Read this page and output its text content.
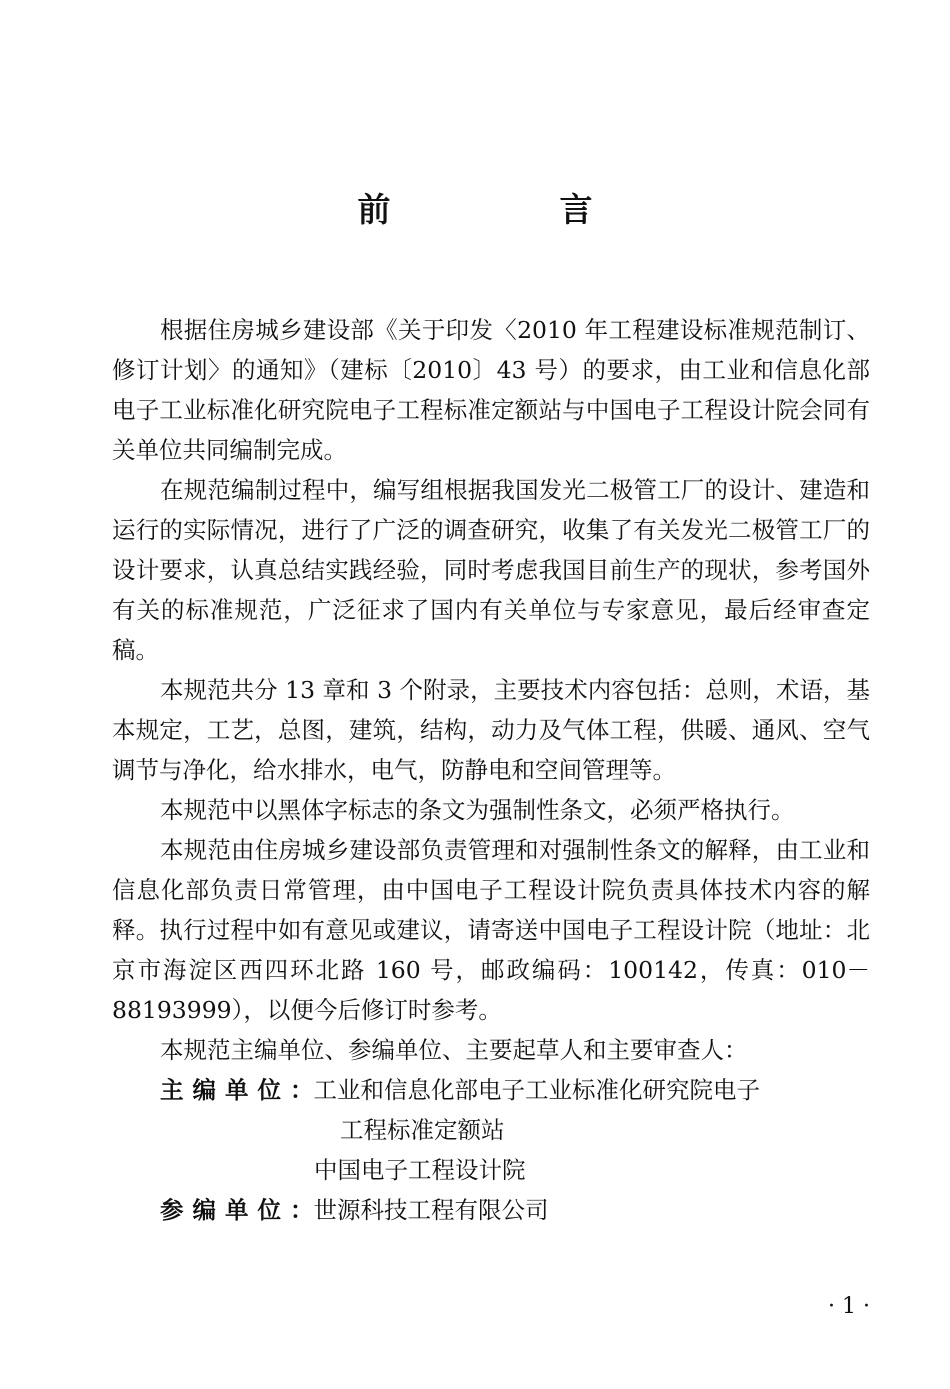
前　言

根据住房城乡建设部《关于印发〈2010 年工程建设标准规范制订、修订计划〉的通知》（建标〔2010〕43 号）的要求，由工业和信息化部电子工业标准化研究院电子工程标准定额站与中国电子工程设计院会同有关单位共同编制完成。

在规范编制过程中，编写组根据我国发光二极管工厂的设计、建造和运行的实际情况，进行了广泛的调查研究，收集了有关发光二极管工厂的设计要求，认真总结实践经验，同时考虑我国目前生产的现状，参考国外有关的标准规范，广泛征求了国内有关单位与专家意见，最后经审查定稿。

本规范共分 13 章和 3 个附录，主要技术内容包括：总则，术语，基本规定，工艺，总图，建筑，结构，动力及气体工程，供暖、通风、空气调节与净化，给水排水，电气，防静电和空间管理等。

本规范中以黑体字标志的条文为强制性条文，必须严格执行。

本规范由住房城乡建设部负责管理和对强制性条文的解释，由工业和信息化部负责日常管理，由中国电子工程设计院负责具体技术内容的解释。执行过程中如有意见或建议，请寄送中国电子工程设计院（地址：北京市海淀区西四环北路 160 号，邮政编码：100142，传真：010－88193999），以便今后修订时参考。

本规范主编单位、参编单位、主要起草人和主要审查人：

主编单位：工业和信息化部电子工业标准化研究院电子

工程标准定额站

中国电子工程设计院

参编单位：世源科技工程有限公司

· 1 ·
